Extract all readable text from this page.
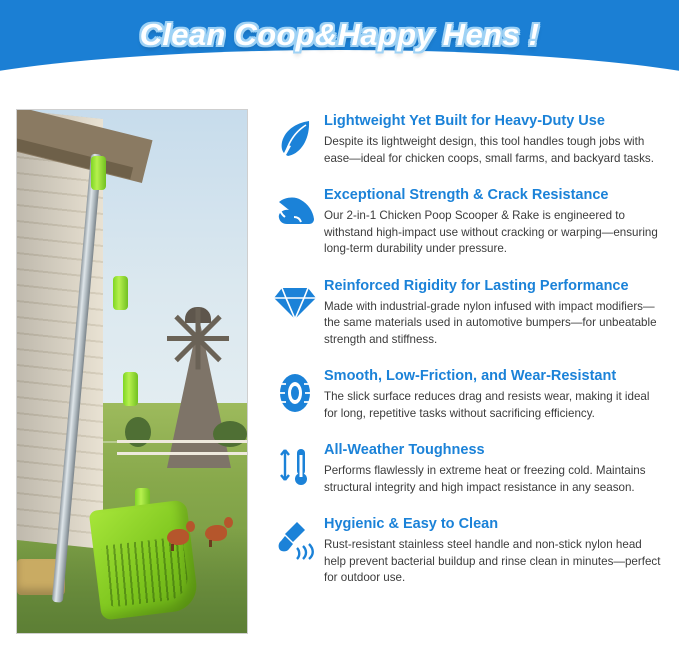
Clean Coop&Happy Hens !

Lightweight Yet Built for Heavy-Duty Use

Despite its lightweight design, this tool handles tough jobs with ease—ideal for chicken coops, small farms, and backyard tasks.

Exceptional Strength & Crack Resistance

Our 2-in-1 Chicken Poop Scooper & Rake is engineered to withstand high-impact use without cracking or warping—ensuring long-term durability under pressure.

Reinforced Rigidity for Lasting Performance

Made with industrial-grade nylon infused with impact modifiers—the same materials used in automotive bumpers—for unbeatable strength and stiffness.

Smooth, Low-Friction, and Wear-Resistant

The slick surface reduces drag and resists wear, making it ideal for long, repetitive tasks without sacrificing efficiency.

All-Weather Toughness

Performs flawlessly in extreme heat or freezing cold. Maintains structural integrity and high impact resistance in any season.

Hygienic & Easy to Clean

Rust-resistant stainless steel handle and non-stick nylon head help prevent bacterial buildup and rinse clean in minutes—perfect for outdoor use.
